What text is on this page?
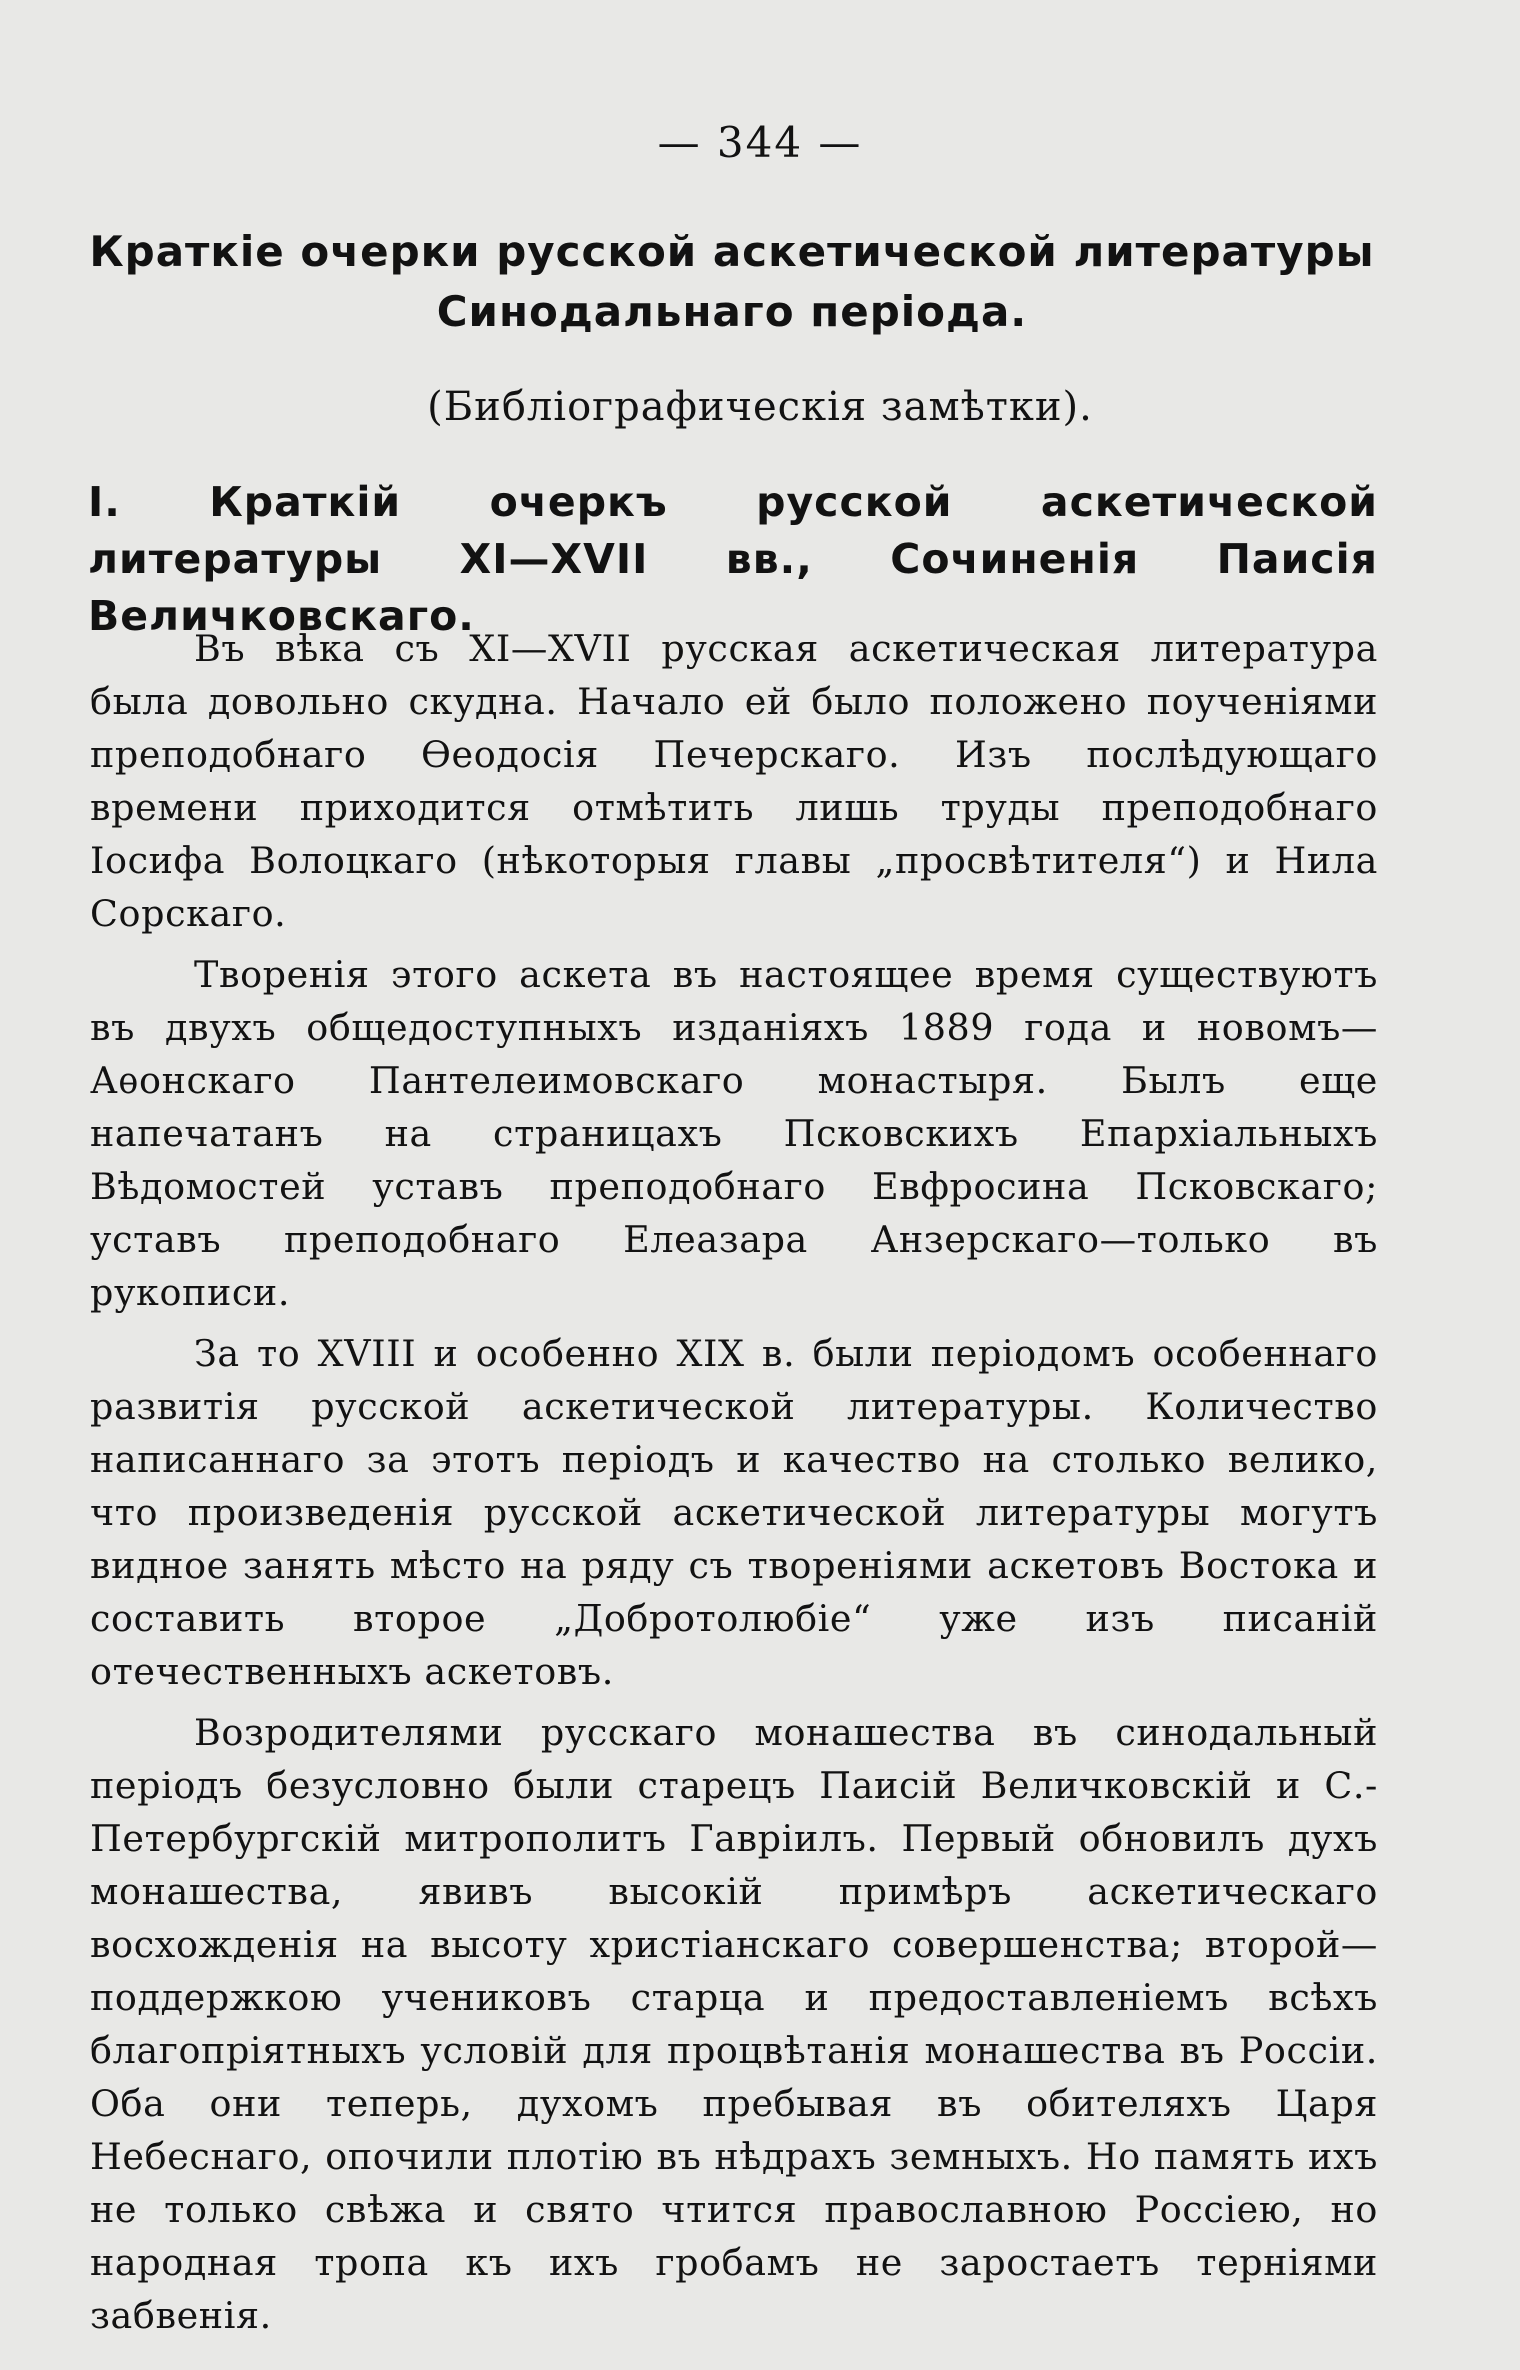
— 344 —
Краткіе очерки русской аскетической литературы Синодальнаго періода.
(Библіографическія замѣтки).
I. Краткій очеркъ русской аскетической литературы XI—XVII вв., Сочиненія Паисія Величковскаго.

Въ вѣка съ XI—XVII русская аскетическая литература была довольно скудна. Начало ей было положено поученіями преподобнаго Ѳеодосія Печерскаго. Изъ послѣдующаго времени приходится отмѣтить лишь труды преподобнаго Іосифа Волоцкаго (нѣкоторыя главы „просвѣтителя“) и Нила Сорскаго.

Творенія этого аскета въ настоящее время существуютъ въ двухъ общедоступныхъ изданіяхъ 1889 года и новомъ—Аѳонскаго Пантелеимовскаго монастыря. Былъ еще напечатанъ на страницахъ Псковскихъ Епархіальныхъ Вѣдомостей уставъ преподобнаго Евфросина Псковскаго; уставъ преподобнаго Елеазара Анзерскаго—только въ рукописи.

За то XVIII и особенно XIX в. были періодомъ особеннаго развитія русской аскетической литературы. Количество написаннаго за этотъ періодъ и качество на столько велико, что произведенія русской аскетической литературы могутъ видное занять мѣсто на ряду съ твореніями аскетовъ Востока и составить второе „Добротолюбіе“ уже изъ писаній отечественныхъ аскетовъ.

Возродителями русскаго монашества въ синодальный періодъ безусловно были старецъ Паисій Величковскій и С.-Петербургскій митрополитъ Гавріилъ. Первый обновилъ духъ монашества, явивъ высокій примѣръ аскетическаго восхожденія на высоту христіанскаго совершенства; второй—поддержкою учениковъ старца и предоставленіемъ всѣхъ благопріятныхъ условій для процвѣтанія монашества въ Россіи. Оба они теперь, духомъ пребывая въ обителяхъ Царя Небеснаго, опочили плотію въ нѣдрахъ земныхъ. Но память ихъ не только свѣжа и свято чтится православною Россіею, но народная тропа къ ихъ гробамъ не заростаетъ терніями забвенія.
